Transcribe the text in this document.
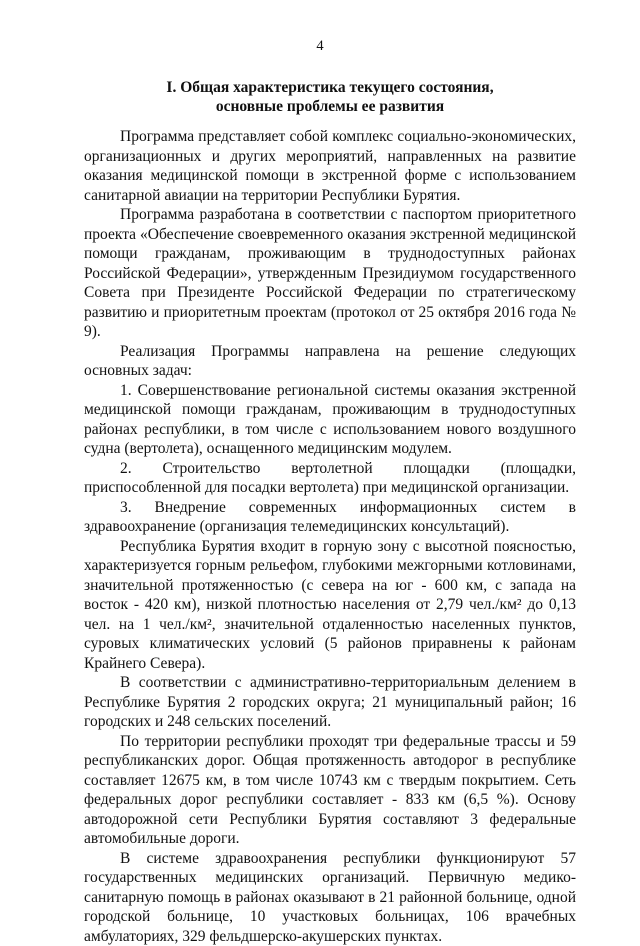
4
I. Общая характеристика текущего состояния,
основные проблемы ее развития

Программа представляет собой комплекс социально-экономических, организационных и других мероприятий, направленных на развитие оказания медицинской помощи в экстренной форме с использованием санитарной авиации на территории Республики Бурятия.

Программа разработана в соответствии с паспортом приоритетного проекта «Обеспечение своевременного оказания экстренной медицинской помощи гражданам, проживающим в труднодоступных районах Российской Федерации», утвержденным Президиумом государственного Совета при Президенте Российской Федерации по стратегическому развитию и приоритетным проектам (протокол от 25 октября 2016 года № 9).

Реализация Программы направлена на решение следующих основных задач:

1. Совершенствование региональной системы оказания экстренной медицинской помощи гражданам, проживающим в труднодоступных районах республики, в том числе с использованием нового воздушного судна (вертолета), оснащенного медицинским модулем.

2. Строительство вертолетной площадки (площадки, приспособленной для посадки вертолета) при медицинской организации.

3. Внедрение современных информационных систем в здравоохранение (организация телемедицинских консультаций).

Республика Бурятия входит в горную зону с высотной поясностью, характеризуется горным рельефом, глубокими межгорными котловинами, значительной протяженностью (с севера на юг - 600 км, с запада на восток - 420 км), низкой плотностью населения от 2,79 чел./км² до 0,13 чел. на 1 чел./км², значительной отдаленностью населенных пунктов, суровых климатических условий (5 районов приравнены к районам Крайнего Севера).

В соответствии с административно-территориальным делением в Республике Бурятия 2 городских округа; 21 муниципальный район; 16 городских и 248 сельских поселений.

По территории республики проходят три федеральные трассы и 59 республиканских дорог. Общая протяженность автодорог в республике составляет 12675 км, в том числе 10743 км с твердым покрытием. Сеть федеральных дорог республики составляет - 833 км (6,5 %). Основу автодорожной сети Республики Бурятия составляют 3 федеральные автомобильные дороги.

В системе здравоохранения республики функционируют 57 государственных медицинских организаций. Первичную медико-санитарную помощь в районах оказывают в 21 районной больнице, одной городской больнице, 10 участковых больницах, 106 врачебных амбулаториях, 329 фельдшерско-акушерских пунктах.
